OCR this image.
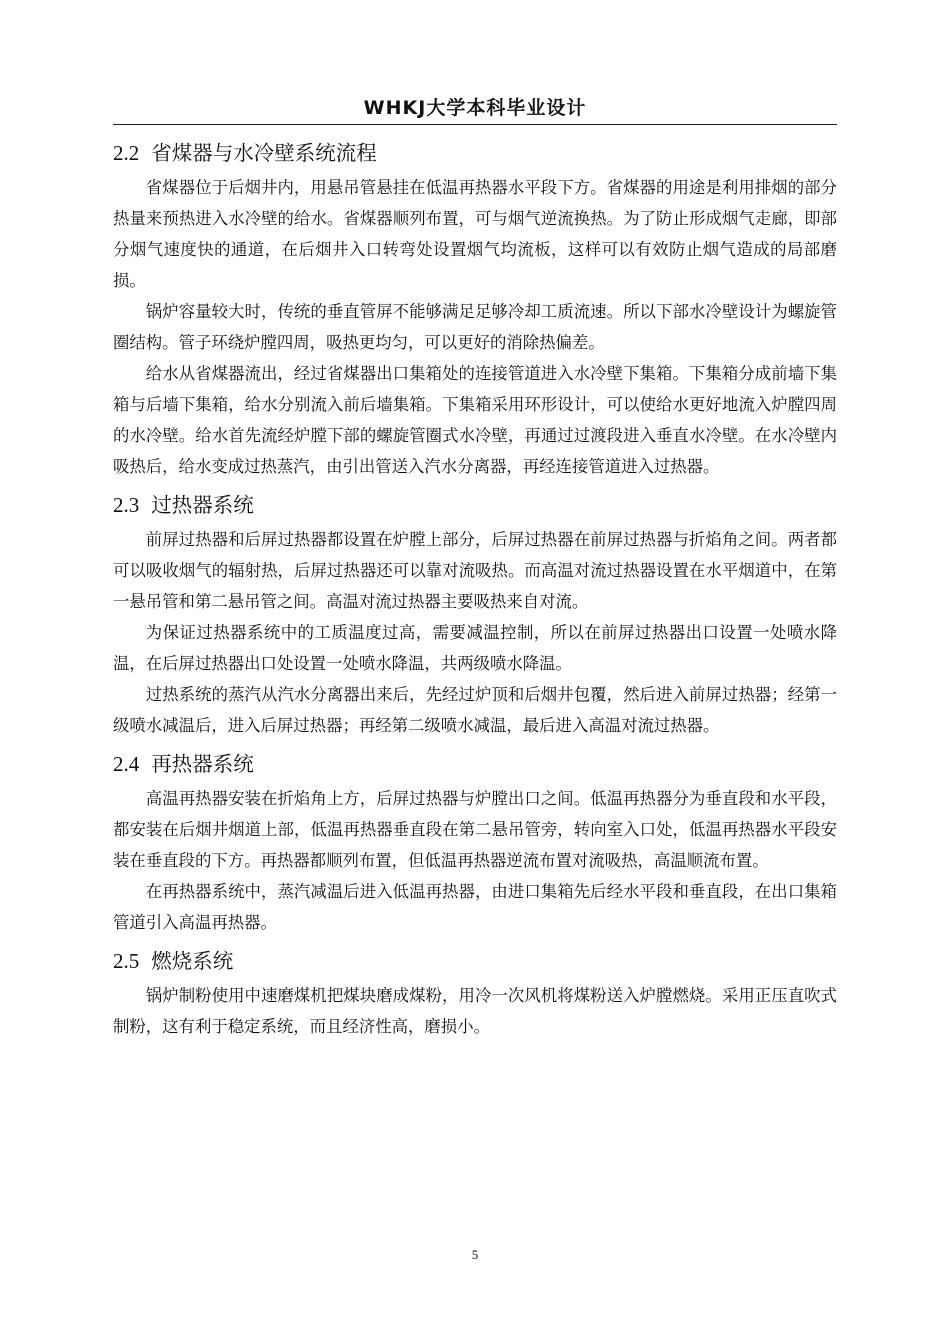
WHKJ大学本科毕业设计
2.2 省煤器与水冷壁系统流程

省煤器位于后烟井内，用悬吊管悬挂在低温再热器水平段下方。省煤器的用途是利用排烟的部分热量来预热进入水冷壁的给水。省煤器顺列布置，可与烟气逆流换热。为了防止形成烟气走廊，即部分烟气速度快的通道，在后烟井入口转弯处设置烟气均流板，这样可以有效防止烟气造成的局部磨损。

锅炉容量较大时，传统的垂直管屏不能够满足足够冷却工质流速。所以下部水冷壁设计为螺旋管圈结构。管子环绕炉膛四周，吸热更均匀，可以更好的消除热偏差。

给水从省煤器流出，经过省煤器出口集箱处的连接管道进入水冷壁下集箱。下集箱分成前墙下集箱与后墙下集箱，给水分别流入前后墙集箱。下集箱采用环形设计，可以使给水更好地流入炉膛四周的水冷壁。给水首先流经炉膛下部的螺旋管圈式水冷壁，再通过过渡段进入垂直水冷壁。在水冷壁内吸热后，给水变成过热蒸汽，由引出管送入汽水分离器，再经连接管道进入过热器。

2.3 过热器系统

前屏过热器和后屏过热器都设置在炉膛上部分，后屏过热器在前屏过热器与折焰角之间。两者都可以吸收烟气的辐射热，后屏过热器还可以靠对流吸热。而高温对流过热器设置在水平烟道中，在第一悬吊管和第二悬吊管之间。高温对流过热器主要吸热来自对流。

为保证过热器系统中的工质温度过高，需要减温控制，所以在前屏过热器出口设置一处喷水降温，在后屏过热器出口处设置一处喷水降温，共两级喷水降温。

过热系统的蒸汽从汽水分离器出来后，先经过炉顶和后烟井包覆，然后进入前屏过热器；经第一级喷水减温后，进入后屏过热器；再经第二级喷水减温，最后进入高温对流过热器。

2.4 再热器系统

高温再热器安装在折焰角上方，后屏过热器与炉膛出口之间。低温再热器分为垂直段和水平段，都安装在后烟井烟道上部，低温再热器垂直段在第二悬吊管旁，转向室入口处，低温再热器水平段安装在垂直段的下方。再热器都顺列布置，但低温再热器逆流布置对流吸热，高温顺流布置。

在再热器系统中，蒸汽减温后进入低温再热器，由进口集箱先后经水平段和垂直段，在出口集箱管道引入高温再热器。

2.5 燃烧系统

锅炉制粉使用中速磨煤机把煤块磨成煤粉，用冷一次风机将煤粉送入炉膛燃烧。采用正压直吹式制粉，这有利于稳定系统，而且经济性高，磨损小。

5
